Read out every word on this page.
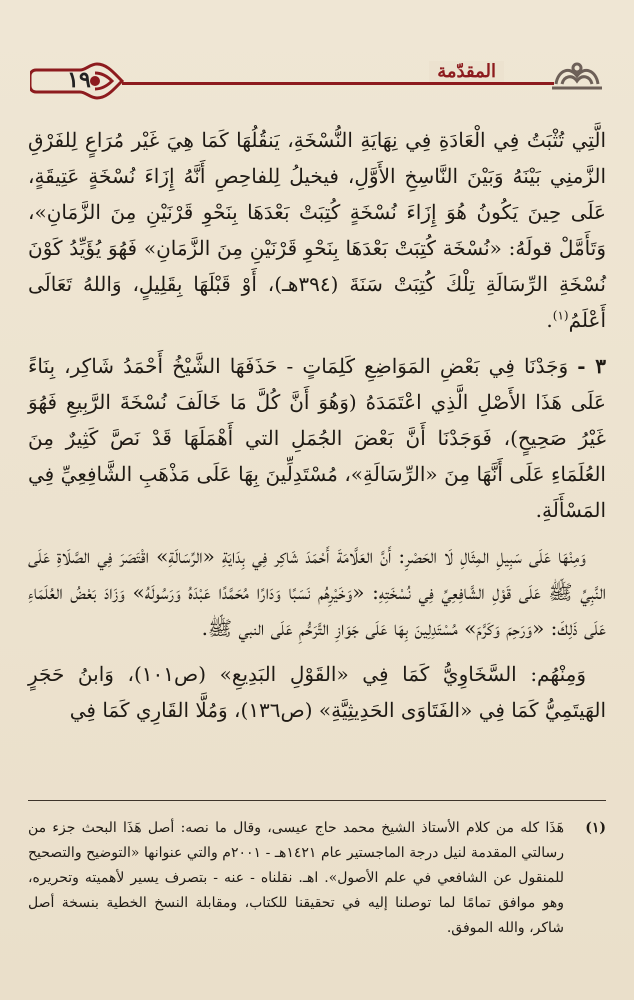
١٩	المقدّمة

الَّتِي تُثْبَتُ فِي الْعَادَةِ فِي نِهَايَةِ النُّسْخَةِ، يَنقُلُهَا كَمَا هِيَ غَيْر مُرَاعٍ لِلفَرْقِ الزَّمنِي بَيْنَهُ وَبَيْنَ النَّاسِخِ الأَوَّلِ، فيخيلُ لِلفاحِصِ أَنَّهُ إِزَاءَ نُسْخَةٍ عَتِيقَةٍ، عَلَى حِينَ يَكُونُ هُوَ إِزَاءَ نُسْخَةٍ كُتِبَتْ بَعْدَهَا بِنَحْوِ قَرْنَيْنِ مِنَ الزَّمَانِ»، وَتَأَمَّلْ قولَهُ: «نُسْخَة كُتِبَتْ بَعْدَهَا بِنَحْوِ قَرْنَيْنِ مِنَ الزَّمَانِ» فَهُوَ يُؤَيِّدُ كَوْنَ نُسْخَةِ الرِّسَالَةِ تِلْكَ كُتِبَتْ سَنَةَ (٣٩٤هـ)، أَوْ قَبْلَهَا بِقَلِيلٍ، وَاللهُ تَعَالَى أَعْلَمُ$^{(١)}$.

٣ - وَجَدْنَا فِي بَعْضِ المَوَاضِعِ كَلِمَاتٍ - حَذَفَهَا الشَّيْخُ أَحْمَدُ شَاكِر، بِنَاءً عَلَى هَذَا الأَصْلِ الَّذِي اعْتَمَدَهُ (وَهُوَ أَنَّ كُلَّ مَا خَالَفَ نُسْخَةَ الرَّبِيعِ فَهُوَ غَيْرُ صَحِيحٍ)، فَوَجَدْنَا أَنَّ بَعْضَ الجُمَلِ التي أَهْمَلَهَا قَدْ نَصَّ كَثِيرٌ مِنَ العُلَمَاءِ عَلَى أَنَّهَا مِنَ «الرِّسَالَةِ»، مُسْتَدِلِّينَ بِهَا عَلَى مَذْهَبِ الشَّافِعِيِّ فِي المَسْأَلَةِ.

وَمِنْهَا عَلَى سَبِيلِ المِثَالِ لَا الحَصْرِ: أَنَّ العَلَّامَةَ أَحْمَدَ شَاكِر فِي بِدَايَةِ «الرِّسَالَةِ» اقْتَصَرَ فِي الصَّلَاةِ عَلَى النَّبِيِّ ﷺ عَلَى قَوْلِ الشَّافِعِيِّ فِي نُسْخَتِهِ: «وَخَيْرِهُم نَسَبًا وَدَارًا مُحَمَّدًا عَبْدَهُ وَرَسُولَهُ» وَزَادَ بَعْضُ العُلَمَاءِ عَلَى ذَلِكَ: «وَرَحِمَ وَكَرَّمَ» مُسْتَدِلِينَ بِهَا عَلَى جَوَازِ التَّرَحُّمِ عَلَى النبي ﷺ.

وَمِنْهُم: السَّخَاوِيُّ كَمَا فِي «القَوْلِ البَدِيعِ» (ص١٠١)، وَابنُ حَجَرٍ الهَيتَمِيُّ كَمَا فِي «الفَتَاوَى الحَدِيثِيَّةِ» (ص١٣٦)، وَمُلَّا القَارِي كَمَا فِي

(١)
هَذَا كله من كلام الأستاذ الشيخ محمد حاج عيسى، وقال ما نصه: أصل هَذَا البحث جزء من رسالتي المقدمة لنيل درجة الماجستير عام ١٤٢١هـ - ٢٠٠١م والتي عنوانها «التوضيح والتصحيح للمنقول عن الشافعي في علم الأصول». اهـ. نقلناه - عنه - بتصرف يسير لأهميته وتحريره، وهو موافق تمامًا لما توصلنا إليه في تحقيقنا للكتاب، ومقابلة النسخ الخطية بنسخة أصل شاكر، والله الموفق.
